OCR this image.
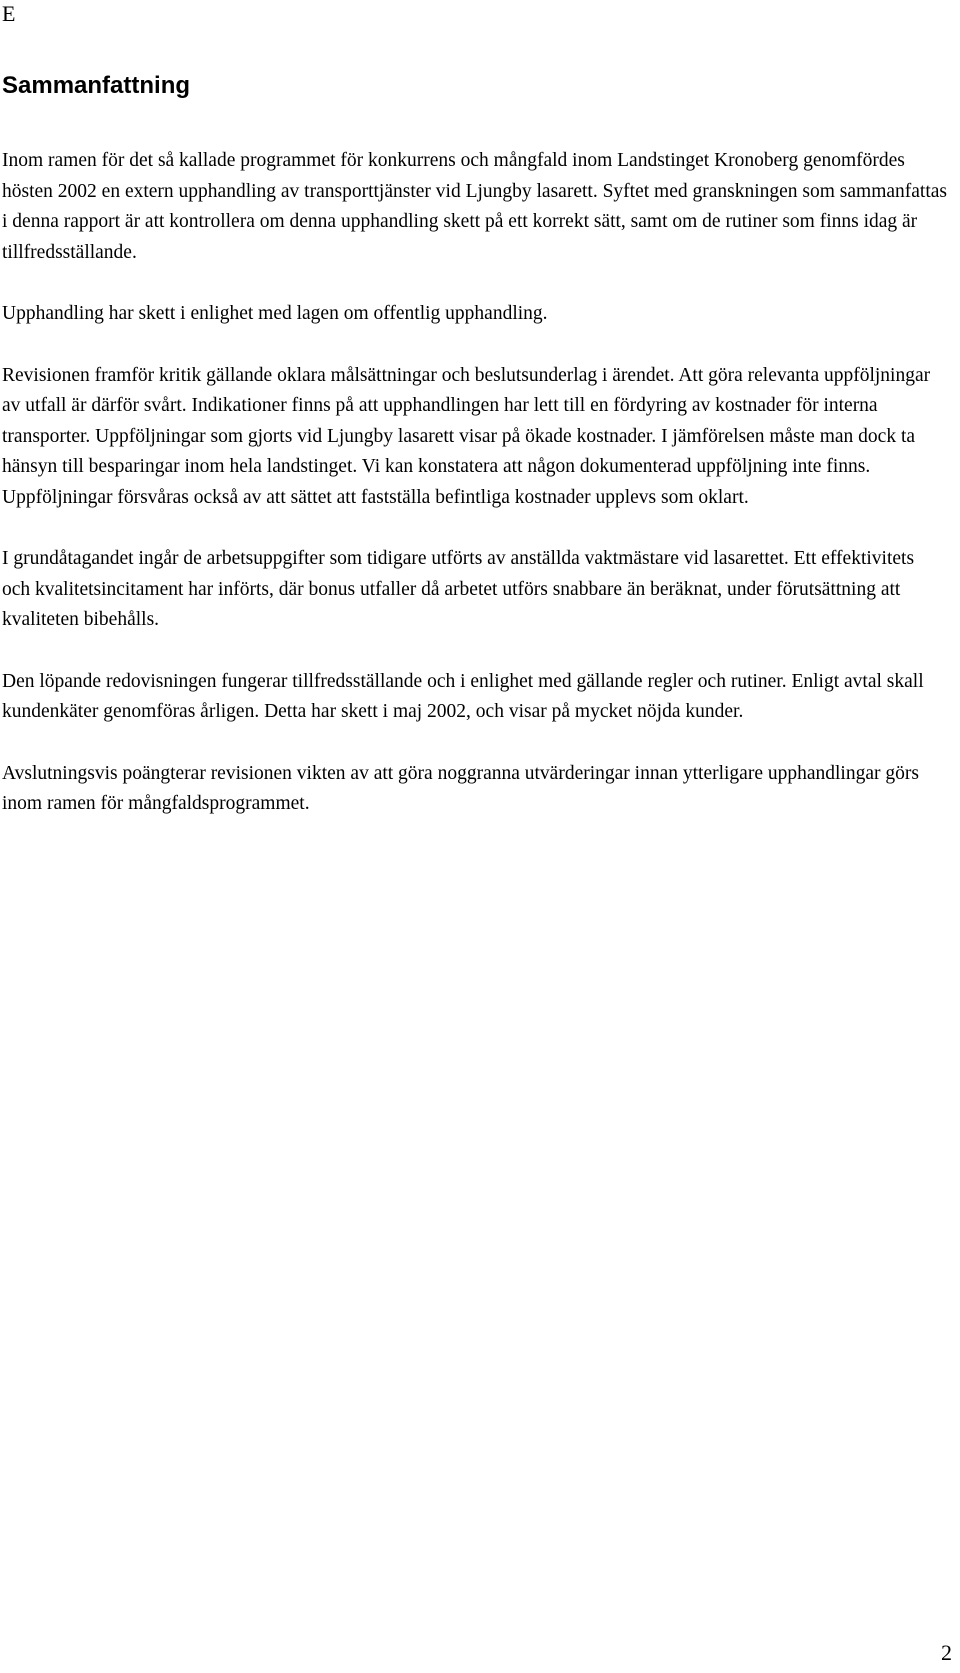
E
Sammanfattning

Inom ramen för det så kallade programmet för konkurrens och mångfald inom Landstinget Kronoberg genomfördes hösten 2002 en extern upphandling av transporttjänster vid Ljungby lasarett. Syftet med granskningen som sammanfattas i denna rapport är att kontrollera om denna upphandling skett på ett korrekt sätt, samt om de rutiner som finns idag är tillfredsställande.

Upphandling har skett i enlighet med lagen om offentlig upphandling.

Revisionen framför kritik gällande oklara målsättningar och beslutsunderlag i ärendet. Att göra relevanta uppföljningar av utfall är därför svårt. Indikationer finns på att upphandlingen har lett till en fördyring av kostnader för interna transporter. Uppföljningar som gjorts vid Ljungby lasarett visar på ökade kostnader. I jämförelsen måste man dock ta hänsyn till besparingar inom hela landstinget. Vi kan konstatera att någon dokumenterad uppföljning inte finns. Uppföljningar försvåras också av att sättet att fastställa befintliga kostnader upplevs som oklart.

I grundåtagandet ingår de arbetsuppgifter som tidigare utförts av anställda vaktmästare vid lasarettet. Ett effektivitets och kvalitetsincitament har införts, där bonus utfaller då arbetet utförs snabbare än beräknat, under förutsättning att kvaliteten bibehålls.

Den löpande redovisningen fungerar tillfredsställande och i enlighet med gällande regler och rutiner. Enligt avtal skall kundenkäter genomföras årligen. Detta har skett i maj 2002, och visar på mycket nöjda kunder.

Avslutningsvis poängterar revisionen vikten av att göra noggranna utvärderingar innan ytterligare upphandlingar görs inom ramen för mångfaldsprogrammet.

2
